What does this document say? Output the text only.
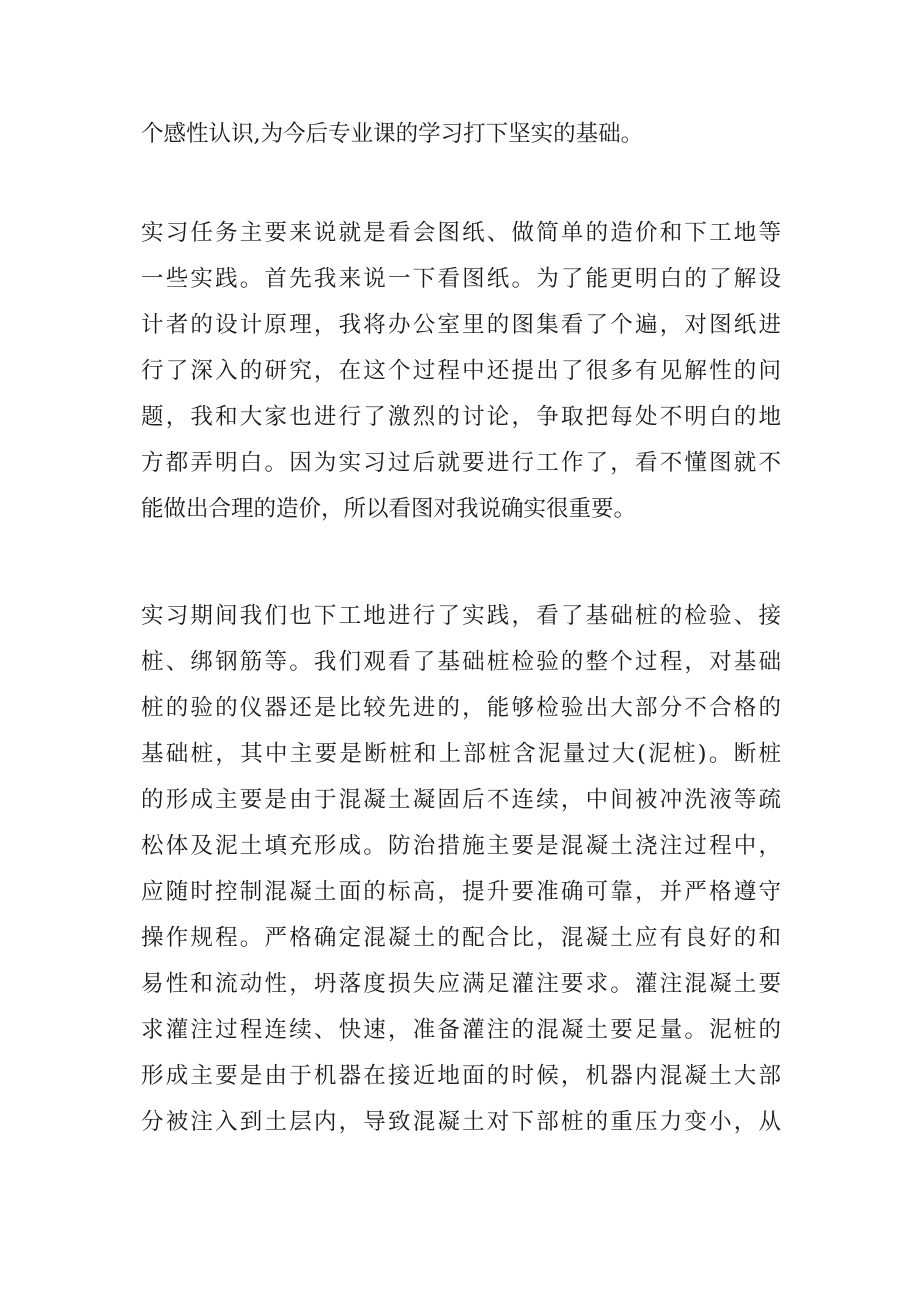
个感性认识,为今后专业课的学习打下坚实的基础。
实习任务主要来说就是看会图纸、做简单的造价和下工地等
一些实践。首先我来说一下看图纸。为了能更明白的了解设
计者的设计原理，我将办公室里的图集看了个遍，对图纸进
行了深入的研究，在这个过程中还提出了很多有见解性的问
题，我和大家也进行了激烈的讨论，争取把每处不明白的地
方都弄明白。因为实习过后就要进行工作了，看不懂图就不
能做出合理的造价，所以看图对我说确实很重要。
实习期间我们也下工地进行了实践，看了基础桩的检验、接
桩、绑钢筋等。我们观看了基础桩检验的整个过程，对基础
桩的验的仪器还是比较先进的，能够检验出大部分不合格的
基础桩，其中主要是断桩和上部桩含泥量过大(泥桩)。断桩
的形成主要是由于混凝土凝固后不连续，中间被冲洗液等疏
松体及泥土填充形成。防治措施主要是混凝土浇注过程中，
应随时控制混凝土面的标高，提升要准确可靠，并严格遵守
操作规程。严格确定混凝土的配合比，混凝土应有良好的和
易性和流动性，坍落度损失应满足灌注要求。灌注混凝土要
求灌注过程连续、快速，准备灌注的混凝土要足量。泥桩的
形成主要是由于机器在接近地面的时候，机器内混凝土大部
分被注入到土层内，导致混凝土对下部桩的重压力变小，从
